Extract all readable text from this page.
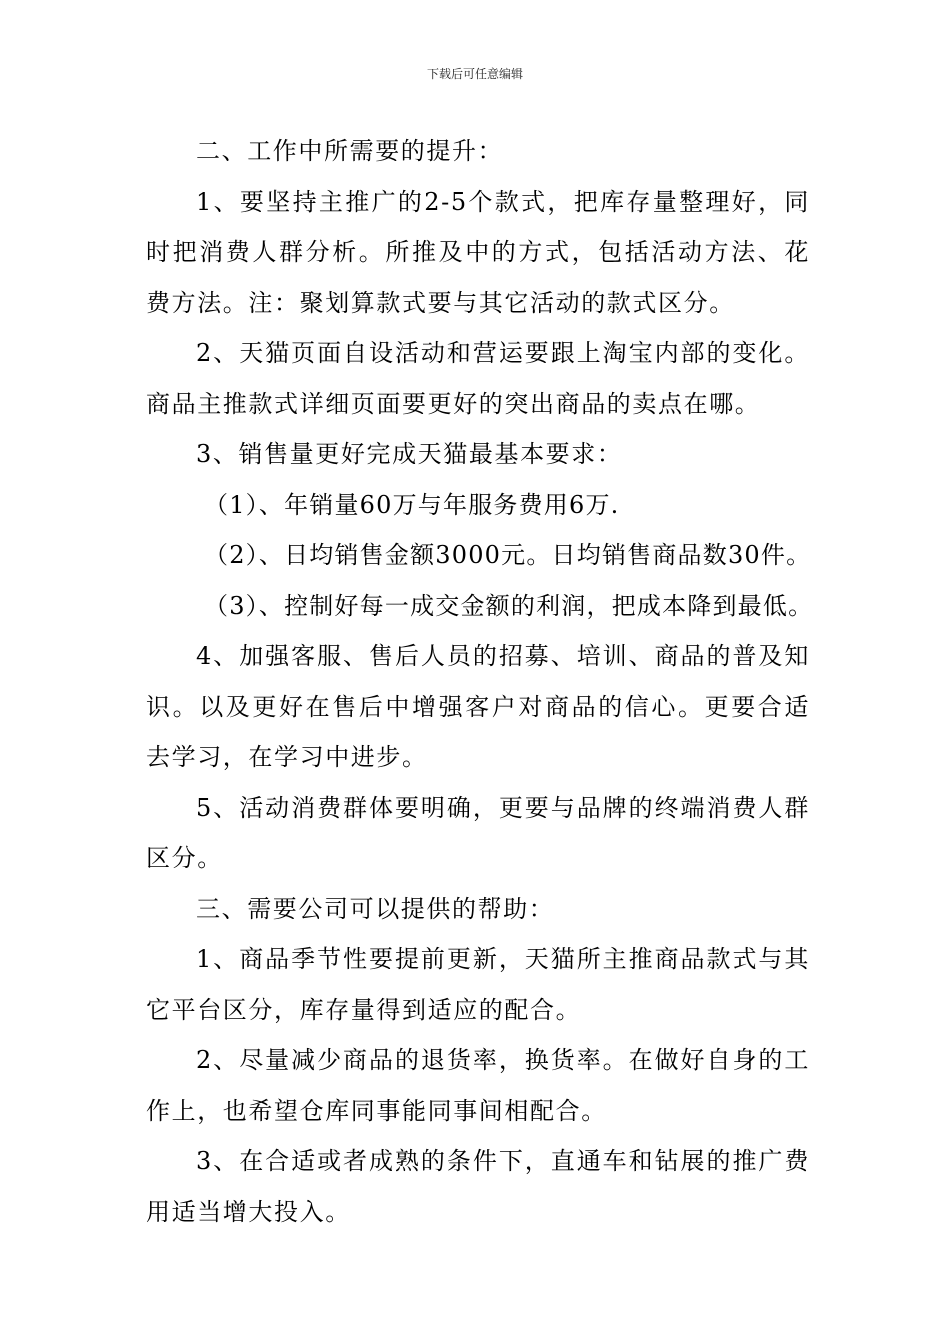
下载后可任意编辑

二、工作中所需要的提升：

1、要坚持主推广的2-5个款式，把库存量整理好，同时把消费人群分析。所推及中的方式，包括活动方法、花费方法。注：聚划算款式要与其它活动的款式区分。

2、天猫页面自设活动和营运要跟上淘宝内部的变化。商品主推款式详细页面要更好的突出商品的卖点在哪。

3、销售量更好完成天猫最基本要求：

（1）、年销量60万与年服务费用6万.

（2）、日均销售金额3000元。日均销售商品数30件。

（3）、控制好每一成交金额的利润，把成本降到最低。

4、加强客服、售后人员的招募、培训、商品的普及知识。以及更好在售后中增强客户对商品的信心。更要合适去学习，在学习中进步。

5、活动消费群体要明确，更要与品牌的终端消费人群区分。

三、需要公司可以提供的帮助：

1、商品季节性要提前更新，天猫所主推商品款式与其它平台区分，库存量得到适应的配合。

2、尽量减少商品的退货率，换货率。在做好自身的工作上，也希望仓库同事能同事间相配合。

3、在合适或者成熟的条件下，直通车和钻展的推广费用适当增大投入。
